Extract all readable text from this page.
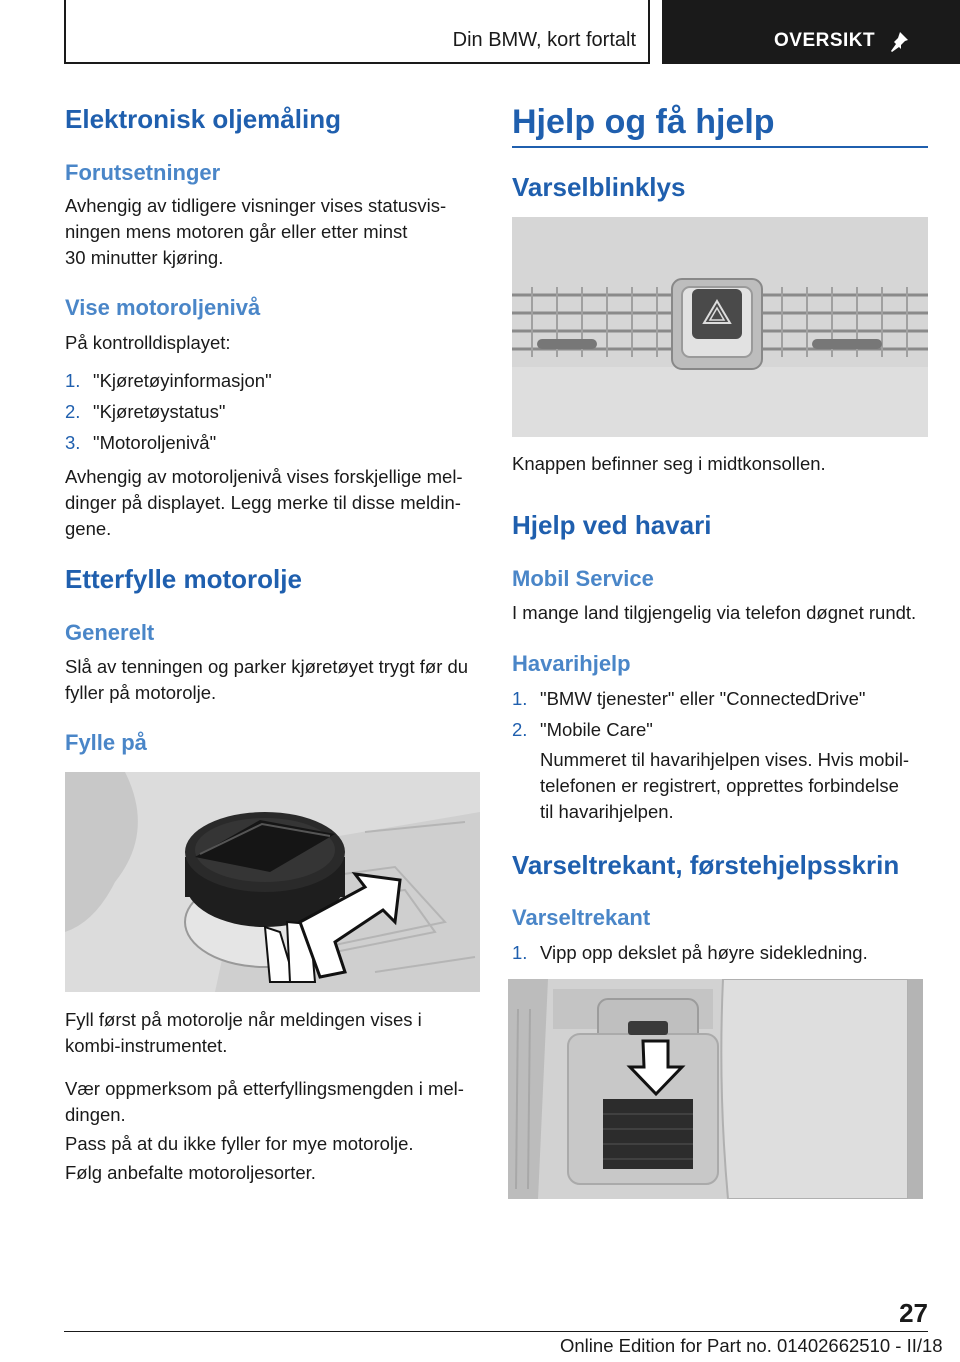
Din BMW, kort fortalt	OVERSIKT
Elektronisk oljemåling
Forutsetninger
Avhengig av tidligere visninger vises statusvis‐
ningen mens motoren går eller etter minst
30 minutter kjøring.
Vise motoroljenivå
På kontrolldisplayet:
1. "Kjøretøyinformasjon"
2. "Kjøretøystatus"
3. "Motoroljenivå"
Avhengig av motoroljenivå vises forskjellige mel‐
dinger på displayet. Legg merke til disse meldin‐
gene.
Etterfylle motorolje
Generelt
Slå av tenningen og parker kjøretøyet trygt før du
fyller på motorolje.
Fylle på
Fyll først på motorolje når meldingen vises i
kombi-instrumentet.
Vær oppmerksom på etterfyllingsmengden i mel‐
dingen.
Pass på at du ikke fyller for mye motorolje.
Følg anbefalte motoroljesorter.
Hjelp og få hjelp
Varselblinklys
Knappen befinner seg i midtkonsollen.
Hjelp ved havari
Mobil Service
I mange land tilgjengelig via telefon døgnet rundt.
Havarihjelp
1. "BMW tjenester" eller "ConnectedDrive"
2. "Mobile Care"
Nummeret til havarihjelpen vises. Hvis mobil‐
telefonen er registrert, opprettes forbindelse
til havarihjelpen.
Varseltrekant, førstehjelpsskrin
Varseltrekant
1. Vipp opp dekslet på høyre sidekledning.
27
Online Edition for Part no. 01402662510 - II/18
